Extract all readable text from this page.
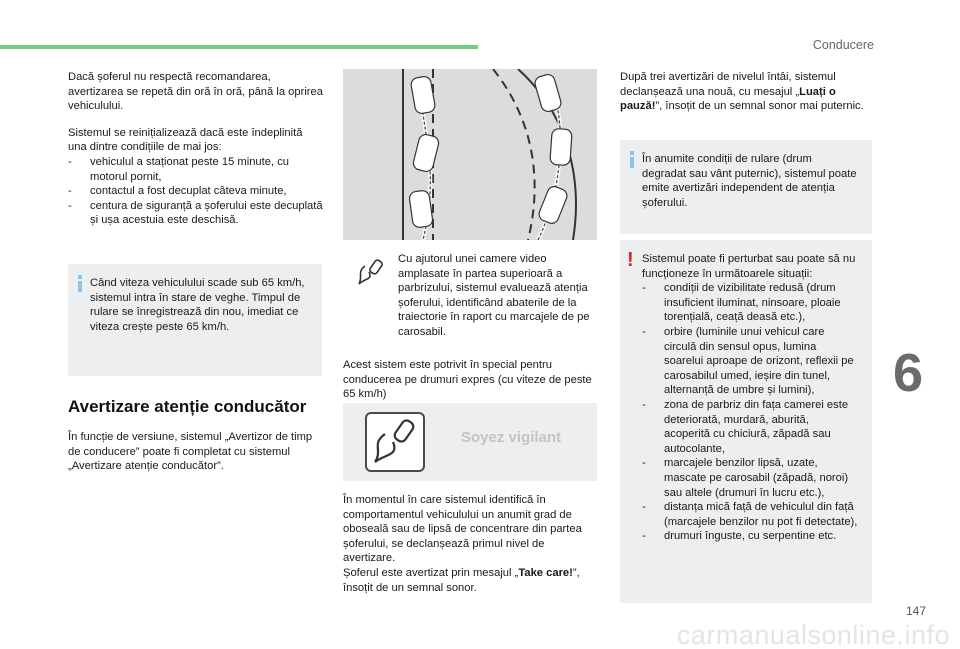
Conducere

Dacă șoferul nu respectă recomandarea, avertizarea se repetă din oră în oră, până la oprirea vehiculului.

Sistemul se reinițializează dacă este îndeplinită una dintre condițiile de mai jos:

- vehiculul a staționat peste 15 minute, cu motorul pornit,
- contactul a fost decuplat câteva minute,
- centura de siguranță a șoferului este decuplată și ușa acestuia este deschisă.
Când viteza vehiculului scade sub 65 km/h, sistemul intra în stare de veghe. Timpul de rulare se înregistrează din nou, imediat ce viteza crește peste 65 km/h.
Avertizare atenție conducător
În funcție de versiune, sistemul „Avertizor de timp de conducere” poate fi completat cu sistemul „Avertizare atenție conducător”.
Cu ajutorul unei camere video amplasate în partea superioară a parbrizului, sistemul evaluează atenția șoferului, identificând abaterile de la traiectorie în raport cu marcajele de pe carosabil.
Acest sistem este potrivit în special pentru conducerea pe drumuri expres (cu viteze de peste 65 km/h)
Soyez vigilant
În momentul în care sistemul identifică în comportamentul vehiculului un anumit grad de oboseală sau de lipsă de concentrare din partea șoferului, se declanșează primul nivel de avertizare.
Șoferul este avertizat prin mesajul „Take care!”, însoțit de un semnal sonor.
După trei avertizări de nivelul întâi, sistemul declanșează una nouă, cu mesajul „Luați o pauză!”, însoțit de un semnal sonor mai puternic.
În anumite condiții de rulare (drum degradat sau vânt puternic), sistemul poate emite avertizări independent de atenția șoferului.
! Sistemul poate fi perturbat sau poate să nu funcționeze în următoarele situații:
- condiții de vizibilitate redusă (drum insuficient iluminat, ninsoare, ploaie torențială, ceață deasă etc.),
- orbire (luminile unui vehicul care circulă din sensul opus, lumina soarelui aproape de orizont, reflexii pe carosabilul umed, ieșire din tunel, alternanță de umbre și lumini),
- zona de parbriz din fața camerei este deteriorată, murdară, aburită, acoperită cu chiciură, zăpadă sau autocolante,
- marcajele benzilor lipsă, uzate, mascate pe carosabil (zăpadă, noroi) sau altele (drumuri în lucru etc.),
- distanța mică față de vehiculul din față (marcajele benzilor nu pot fi detectate),
- drumuri înguste, cu serpentine etc.
6
147
carmanualsonline.info
